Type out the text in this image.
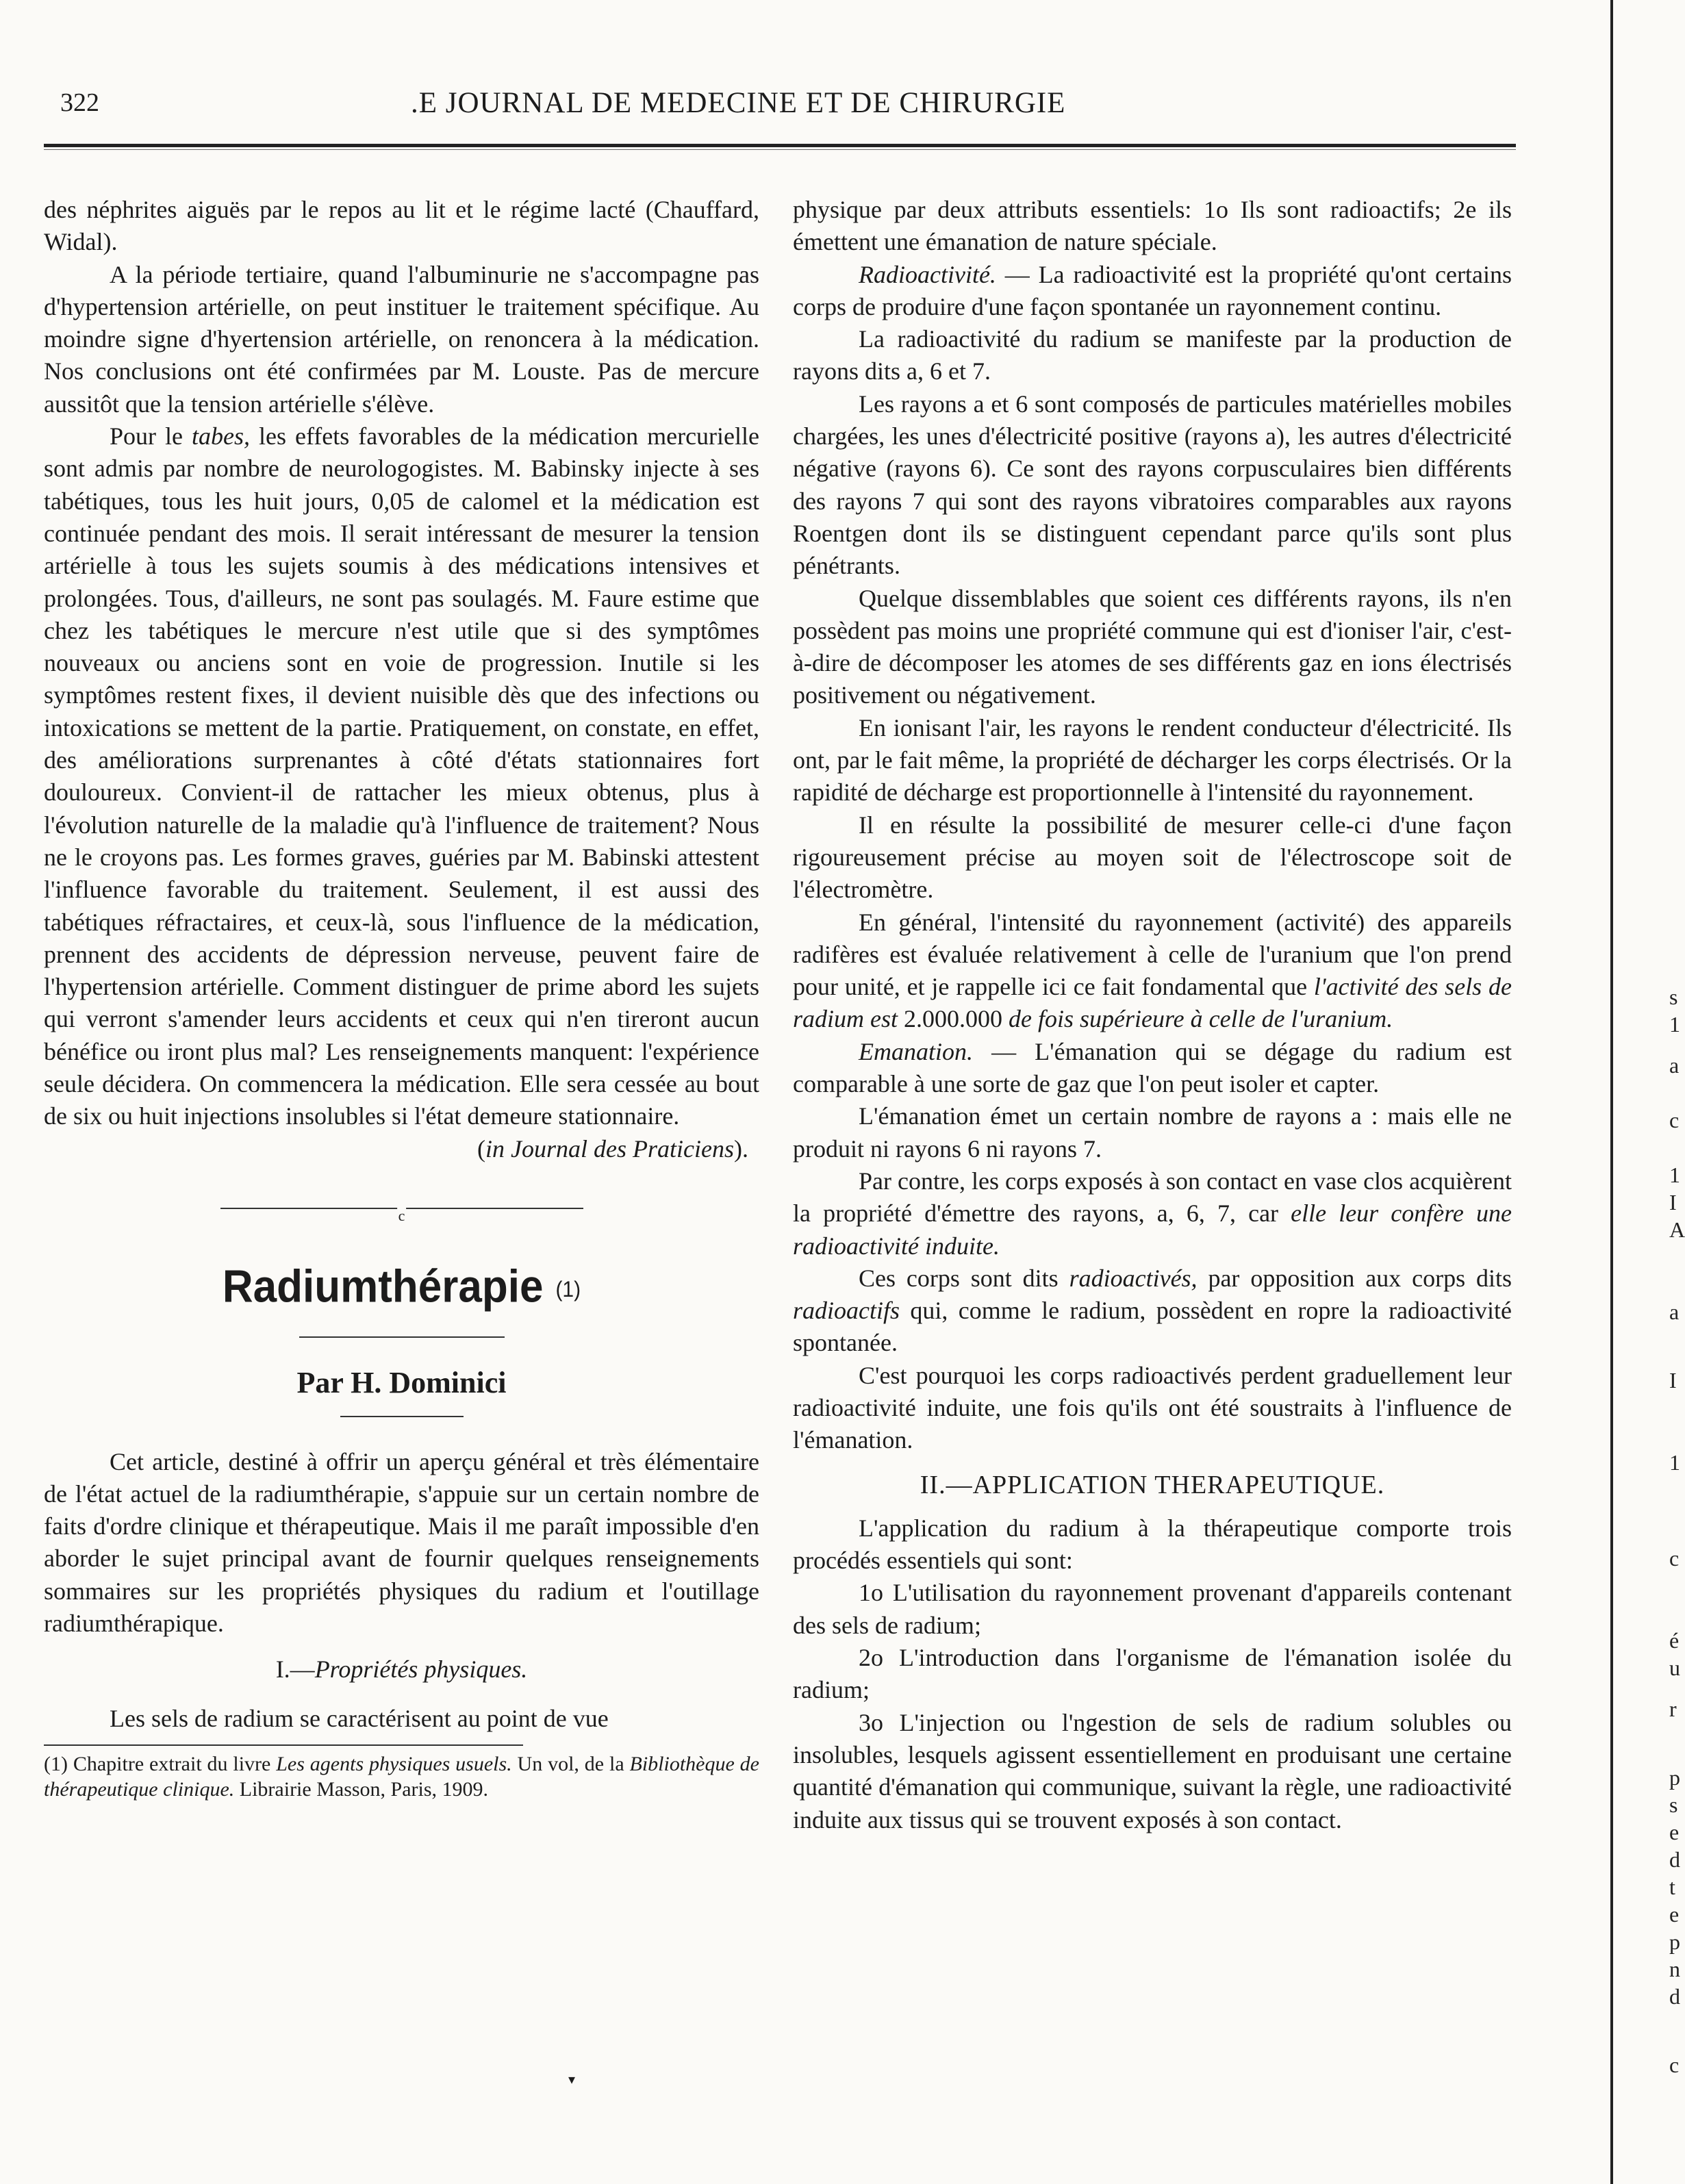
322	.E JOURNAL DE MEDECINE ET DE CHIRURGIE

des néphrites aiguës par le repos au lit et le régime lacté (Chauffard, Widal).

A la période tertiaire, quand l'albuminurie ne s'accompagne pas d'hypertension artérielle, on peut instituer le traitement spécifique. Au moindre signe d'hyertension artérielle, on renoncera à la médication. Nos conclusions ont été confirmées par M. Louste. Pas de mercure aussitôt que la tension artérielle s'élève.

Pour le tabes, les effets favorables de la médication mercurielle sont admis par nombre de neurologogistes. M. Babinsky injecte à ses tabétiques, tous les huit jours, 0,05 de calomel et la médication est continuée pendant des mois. Il serait intéressant de mesurer la tension artérielle à tous les sujets soumis à des médications intensives et prolongées. Tous, d'ailleurs, ne sont pas soulagés. M. Faure estime que chez les tabétiques le mercure n'est utile que si des symptômes nouveaux ou anciens sont en voie de progression. Inutile si les symptômes restent fixes, il devient nuisible dès que des infections ou intoxications se mettent de la partie. Pratiquement, on constate, en effet, des améliorations surprenantes à côté d'états stationnaires fort douloureux. Convient-il de rattacher les mieux obtenus, plus à l'évolution naturelle de la maladie qu'à l'influence de traitement? Nous ne le croyons pas. Les formes graves, guéries par M. Babinski attestent l'influence favorable du traitement. Seulement, il est aussi des tabétiques réfractaires, et ceux-là, sous l'influence de la médication, prennent des accidents de dépression nerveuse, peuvent faire de l'hypertension artérielle. Comment distinguer de prime abord les sujets qui verront s'amender leurs accidents et ceux qui n'en tireront aucun bénéfice ou iront plus mal? Les renseignements manquent: l'expérience seule décidera. On commencera la médication. Elle sera cessée au bout de six ou huit injections insolubles si l'état demeure stationnaire.

(in Journal des Praticiens).

c
Radiumthérapie (1)
Par H. Dominici

Cet article, destiné à offrir un aperçu général et très élémentaire de l'état actuel de la radiumthérapie, s'appuie sur un certain nombre de faits d'ordre clinique et thérapeutique. Mais il me paraît impossible d'en aborder le sujet principal avant de fournir quelques renseignements sommaires sur les propriétés physiques du radium et l'outillage radiumthérapique.

I.—Propriétés physiques.

Les sels de radium se caractérisent au point de vue

(1) Chapitre extrait du livre Les agents physiques usuels. Un vol, de la Bibliothèque de thérapeutique clinique. Librairie Masson, Paris, 1909.

physique par deux attributs essentiels: 1o Ils sont radioactifs; 2e ils émettent une émanation de nature spéciale.

Radioactivité. — La radioactivité est la propriété qu'ont certains corps de produire d'une façon spontanée un rayonnement continu.

La radioactivité du radium se manifeste par la production de rayons dits a, 6 et 7.

Les rayons a et 6 sont composés de particules matérielles mobiles chargées, les unes d'électricité positive (rayons a), les autres d'électricité négative (rayons 6). Ce sont des rayons corpusculaires bien différents des rayons 7 qui sont des rayons vibratoires comparables aux rayons Roentgen dont ils se distinguent cependant parce qu'ils sont plus pénétrants.

Quelque dissemblables que soient ces différents rayons, ils n'en possèdent pas moins une propriété commune qui est d'ioniser l'air, c'est-à-dire de décomposer les atomes de ses différents gaz en ions électrisés positivement ou négativement.

En ionisant l'air, les rayons le rendent conducteur d'électricité. Ils ont, par le fait même, la propriété de décharger les corps électrisés. Or la rapidité de décharge est proportionnelle à l'intensité du rayonnement.

Il en résulte la possibilité de mesurer celle-ci d'une façon rigoureusement précise au moyen soit de l'électroscope soit de l'électromètre.

En général, l'intensité du rayonnement (activité) des appareils radifères est évaluée relativement à celle de l'uranium que l'on prend pour unité, et je rappelle ici ce fait fondamental que l'activité des sels de radium est 2.000.000 de fois supérieure à celle de l'uranium.

Emanation. — L'émanation qui se dégage du radium est comparable à une sorte de gaz que l'on peut isoler et capter.

L'émanation émet un certain nombre de rayons a : mais elle ne produit ni rayons 6 ni rayons 7.

Par contre, les corps exposés à son contact en vase clos acquièrent la propriété d'émettre des rayons, a, 6, 7, car elle leur confère une radioactivité induite.

Ces corps sont dits radioactivés, par opposition aux corps dits radioactifs qui, comme le radium, possèdent en ropre la radioactivité spontanée.

C'est pourquoi les corps radioactivés perdent graduellement leur radioactivité induite, une fois qu'ils ont été soustraits à l'influence de l'émanation.

II.—APPLICATION THERAPEUTIQUE.

L'application du radium à la thérapeutique comporte trois procédés essentiels qui sont:

1o L'utilisation du rayonnement provenant d'appareils contenant des sels de radium;

2o L'introduction dans l'organisme de l'émanation isolée du radium;

3o L'injection ou l'ngestion de sels de radium solubles ou insolubles, lesquels agissent essentiellement en produisant une certaine quantité d'émanation qui communique, suivant la règle, une radioactivité induite aux tissus qui se trouvent exposés à son contact.

s
1
a
c
1
I
A
a
I
1
c
é
u
r
p
s
e
d
t
e
p
n
d
c
▾
